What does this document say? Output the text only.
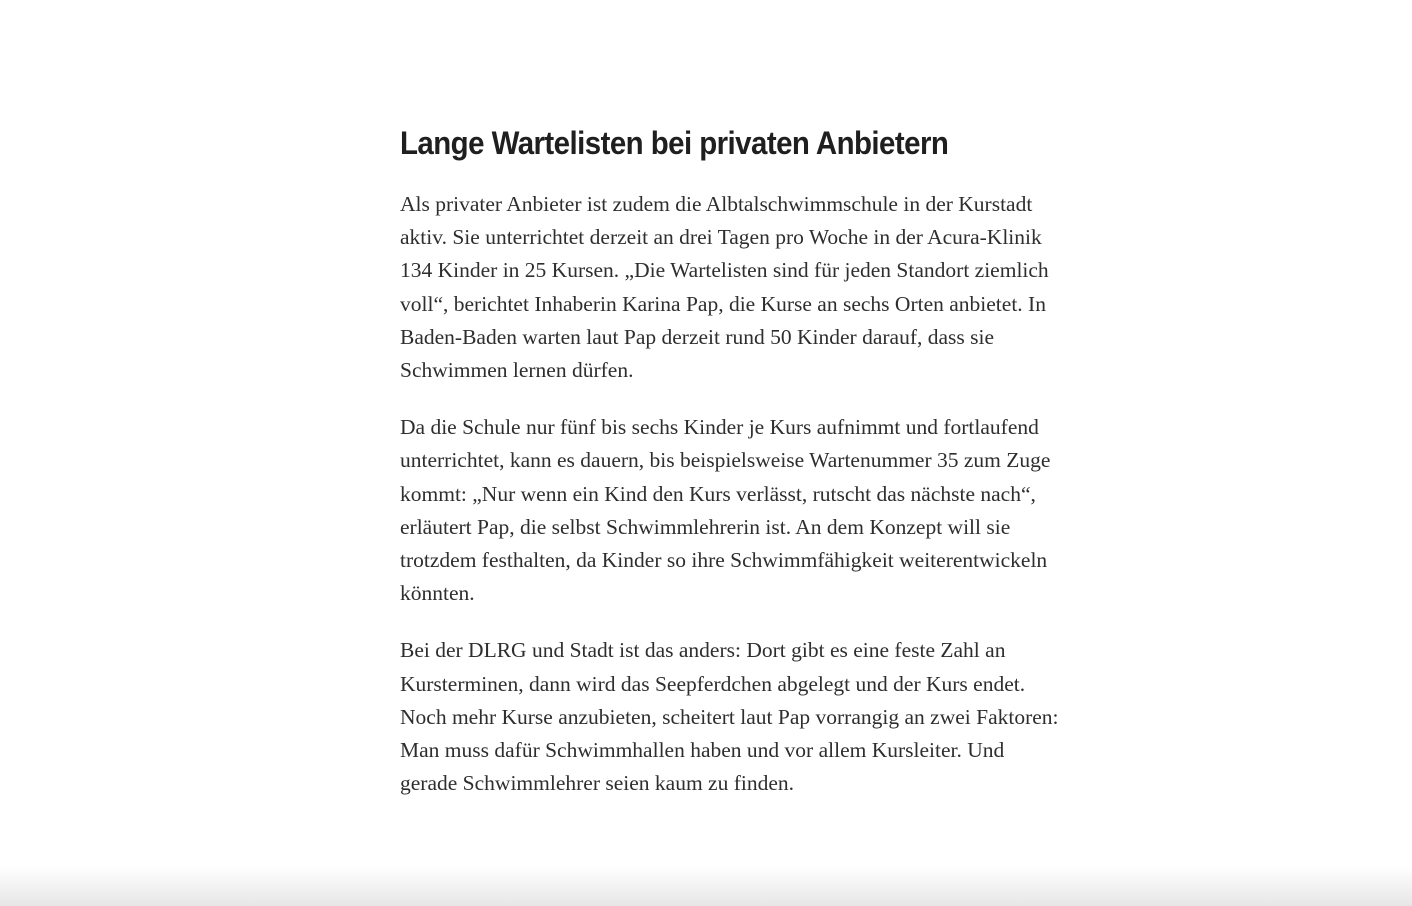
Lange Wartelisten bei privaten Anbietern

Als privater Anbieter ist zudem die Albtalschwimmschule in der Kurstadt aktiv. Sie unterrichtet derzeit an drei Tagen pro Woche in der Acura-Klinik 134 Kinder in 25 Kursen. „Die Wartelisten sind für jeden Standort ziemlich voll“, berichtet Inhaberin Karina Pap, die Kurse an sechs Orten anbietet. In Baden-Baden warten laut Pap derzeit rund 50 Kinder darauf, dass sie Schwimmen lernen dürfen.

Da die Schule nur fünf bis sechs Kinder je Kurs aufnimmt und fortlaufend unterrichtet, kann es dauern, bis beispielsweise Wartenummer 35 zum Zuge kommt: „Nur wenn ein Kind den Kurs verlässt, rutscht das nächste nach“, erläutert Pap, die selbst Schwimmlehrerin ist. An dem Konzept will sie trotzdem festhalten, da Kinder so ihre Schwimmfähigkeit weiterentwickeln könnten.

Bei der DLRG und Stadt ist das anders: Dort gibt es eine feste Zahl an Kursterminen, dann wird das Seepferdchen abgelegt und der Kurs endet. Noch mehr Kurse anzubieten, scheitert laut Pap vorrangig an zwei Faktoren: Man muss dafür Schwimmhallen haben und vor allem Kursleiter. Und gerade Schwimmlehrer seien kaum zu finden.
